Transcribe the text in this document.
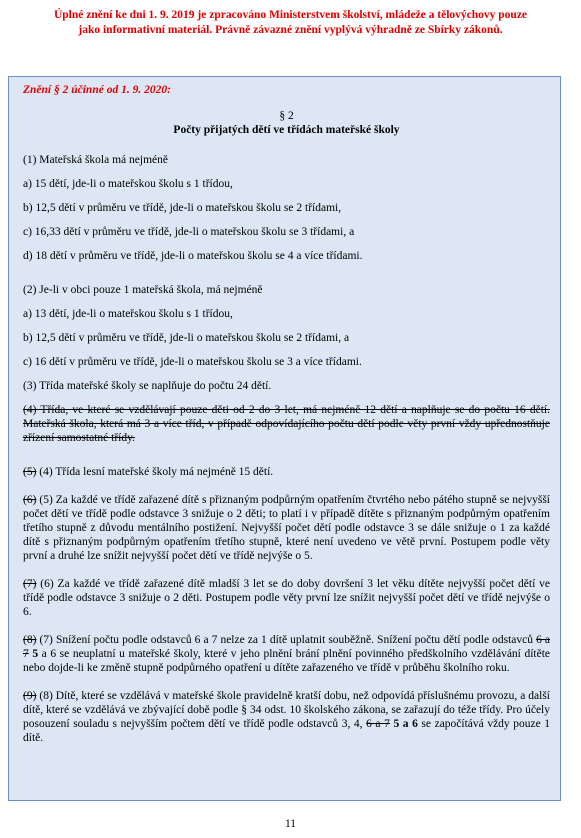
Úplné znění ke dni 1. 9. 2019 je zpracováno Ministerstvem školství, mládeže a tělovýchovy pouze
jako informativní materiál. Právně závazné znění vyplývá výhradně ze Sbírky zákonů.
Znění § 2 účinné od 1. 9. 2020:

§ 2

Počty přijatých dětí ve třídách mateřské školy

(1) Mateřská škola má nejméně

a) 15 dětí, jde-li o mateřskou školu s 1 třídou,

b) 12,5 dětí v průměru ve třídě, jde-li o mateřskou školu se 2 třídami,

c) 16,33 dětí v průměru ve třídě, jde-li o mateřskou školu se 3 třídami, a

d) 18 dětí v průměru ve třídě, jde-li o mateřskou školu se 4 a více třídami.

(2) Je-li v obci pouze 1 mateřská škola, má nejméně

a) 13 dětí, jde-li o mateřskou školu s 1 třídou,

b) 12,5 dětí v průměru ve třídě, jde-li o mateřskou školu se 2 třídami, a

c) 16 dětí v průměru ve třídě, jde-li o mateřskou školu se 3 a více třídami.

(3) Třída mateřské školy se naplňuje do počtu 24 dětí.

(4) Třída, ve které se vzdělávají pouze děti od 2 do 3 let, má nejméně 12 dětí a naplňuje se do počtu 16 dětí. Mateřská škola, která má 3 a více tříd, v případě odpovídajícího počtu dětí podle věty první vždy upřednostňuje zřízení samostatné třídy.

(5) (4) Třída lesní mateřské školy má nejméně 15 dětí.

(6) (5) Za každé ve třídě zařazené dítě s přiznaným podpůrným opatřením čtvrtého nebo pátého stupně se nejvyšší počet dětí ve třídě podle odstavce 3 snižuje o 2 děti; to platí i v případě dítěte s přiznaným podpůrným opatřením třetího stupně z důvodu mentálního postižení. Nejvyšší počet dětí podle odstavce 3 se dále snižuje o 1 za každé dítě s přiznaným podpůrným opatřením třetího stupně, které není uvedeno ve větě první. Postupem podle věty první a druhé lze snížit nejvyšší počet dětí ve třídě nejvýše o 5.

(7) (6) Za každé ve třídě zařazené dítě mladší 3 let se do doby dovršení 3 let věku dítěte nejvyšší počet dětí ve třídě podle odstavce 3 snižuje o 2 děti. Postupem podle věty první lze snížit nejvyšší počet dětí ve třídě nejvýše o 6.

(8) (7) Snížení počtu podle odstavců 6 a 7 nelze za 1 dítě uplatnit souběžně. Snížení počtu dětí podle odstavců 6 a 7 5 a 6 se neuplatní u mateřské školy, které v jeho plnění brání plnění povinného předškolního vzdělávání dítěte nebo dojde-li ke změně stupně podpůrného opatření u dítěte zařazeného ve třídě v průběhu školního roku.

(9) (8) Dítě, které se vzdělává v mateřské škole pravidelně kratší dobu, než odpovídá příslušnému provozu, a další dítě, které se vzdělává ve zbývající době podle § 34 odst. 10 školského zákona, se zařazují do téže třídy. Pro účely posouzení souladu s nejvyšším počtem dětí ve třídě podle odstavců 3, 4, 6 a 7 5 a 6 se započítává vždy pouze 1 dítě.

11
